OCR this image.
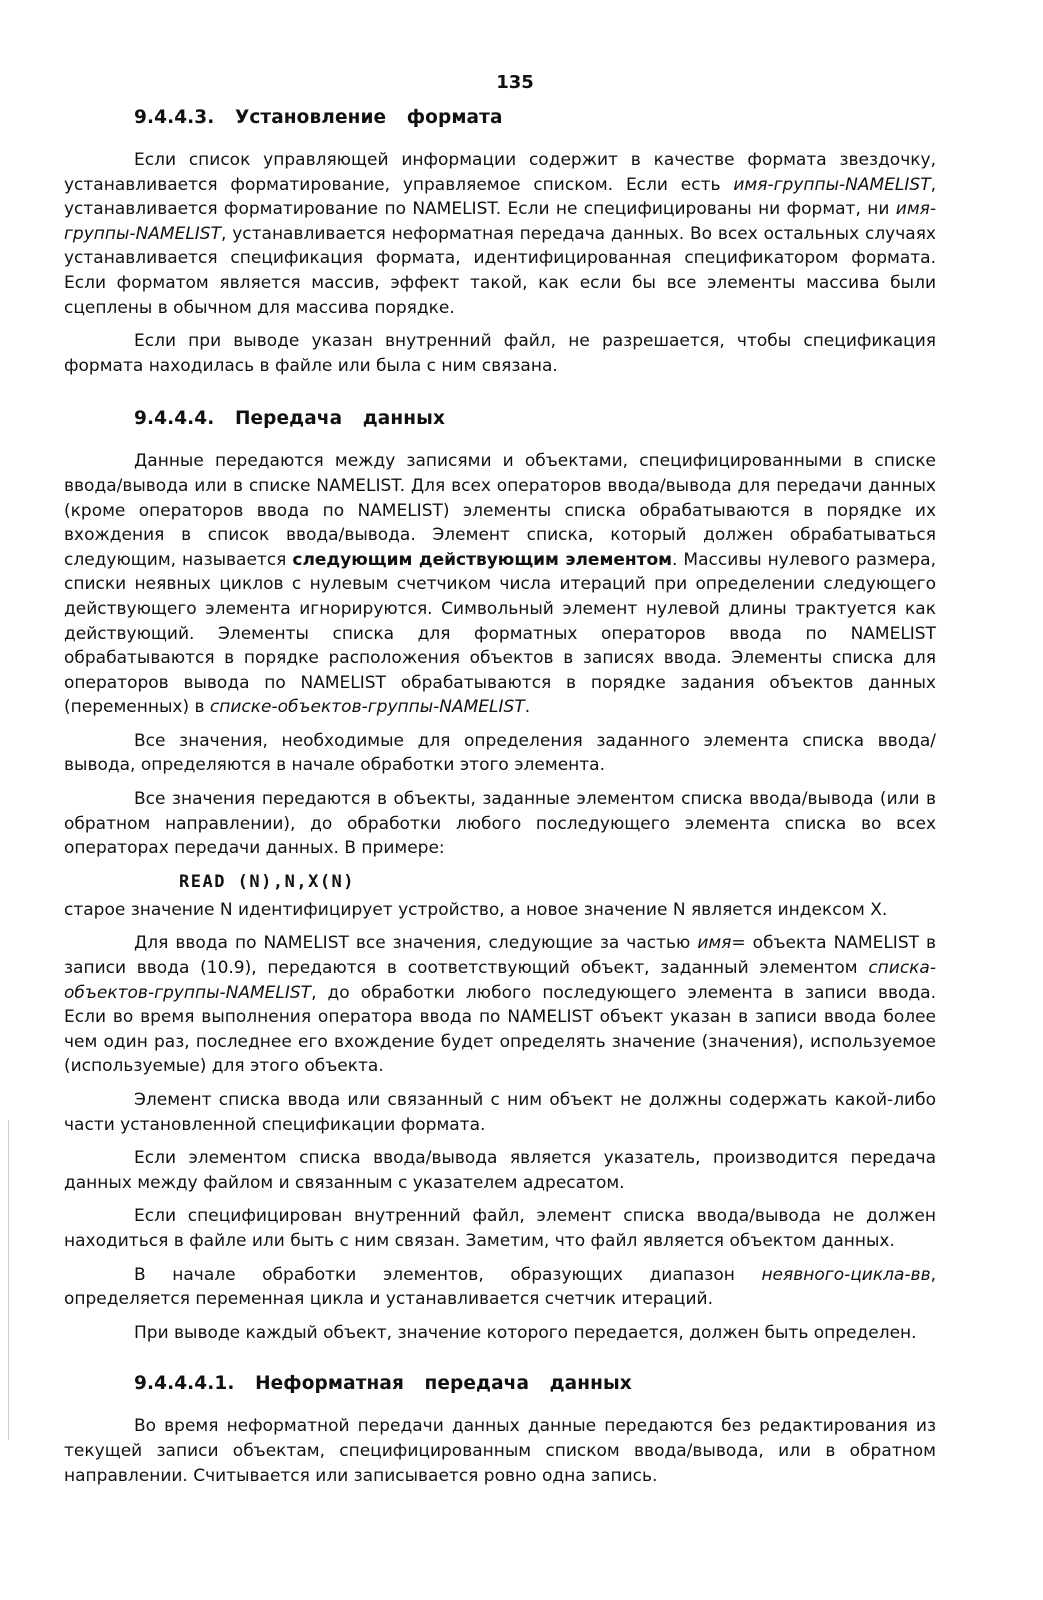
135
9.4.4.3. Установление формата

Если список управляющей информации содержит в качестве формата звездочку, устанавливается форматирование, управляемое списком. Если есть имя-группы-NAMELIST, устанавливается форматирование по NAMELIST. Если не специфицированы ни формат, ни имя-группы-NAMELIST, устанавливается неформатная передача данных. Во всех остальных случаях устанавливается спецификация формата, идентифицированная спецификатором формата. Если форматом является массив, эффект такой, как если бы все элементы массива были сцеплены в обычном для массива порядке.

Если при выводе указан внутренний файл, не разрешается, чтобы спецификация формата находилась в файле или была с ним связана.

9.4.4.4. Передача данных

Данные передаются между записями и объектами, специфицированными в списке ввода/вывода или в списке NAMELIST. Для всех операторов ввода/вывода для передачи данных (кроме операторов ввода по NAMELIST) элементы списка обрабатываются в порядке их вхождения в список ввода/вывода. Элемент списка, который должен обрабатываться следующим, называется следующим действующим элементом. Массивы нулевого размера, списки неявных циклов с нулевым счетчиком числа итераций при определении следующего действующего элемента игнорируются. Символьный элемент нулевой длины трактуется как действующий. Элементы списка для форматных операторов ввода по NAMELIST обрабатываются в порядке расположения объектов в записях ввода. Элементы списка для операторов вывода по NAMELIST обрабатываются в порядке задания объектов данных (переменных) в списке-объектов-группы-NAMELIST.

Все значения, необходимые для определения заданного элемента списка ввода/вывода, определяются в начале обработки этого элемента.

Все значения передаются в объекты, заданные элементом списка ввода/вывода (или в обратном направлении), до обработки любого последующего элемента списка во всех операторах передачи данных. В примере:

READ (N),N,X(N)

старое значение N идентифицирует устройство, а новое значение N является индексом X.

Для ввода по NAMELIST все значения, следующие за частью имя= объекта NAMELIST в записи ввода (10.9), передаются в соответствующий объект, заданный элементом списка-объектов-группы-NAMELIST, до обработки любого последующего элемента в записи ввода. Если во время выполнения оператора ввода по NAMELIST объект указан в записи ввода более чем один раз, последнее его вхождение будет определять значение (значения), используемое (используемые) для этого объекта.

Элемент списка ввода или связанный с ним объект не должны содержать какой-либо части установленной спецификации формата.

Если элементом списка ввода/вывода является указатель, производится передача данных между файлом и связанным с указателем адресатом.

Если специфицирован внутренний файл, элемент списка ввода/вывода не должен находиться в файле или быть с ним связан. Заметим, что файл является объектом данных.

В начале обработки элементов, образующих диапазон неявного-цикла-вв, определяется переменная цикла и устанавливается счетчик итераций.

При выводе каждый объект, значение которого передается, должен быть определен.

9.4.4.4.1. Неформатная передача данных

Во время неформатной передачи данных данные передаются без редактирования из текущей записи объектам, специфицированным списком ввода/вывода, или в обратном направлении. Считывается или записывается ровно одна запись.
